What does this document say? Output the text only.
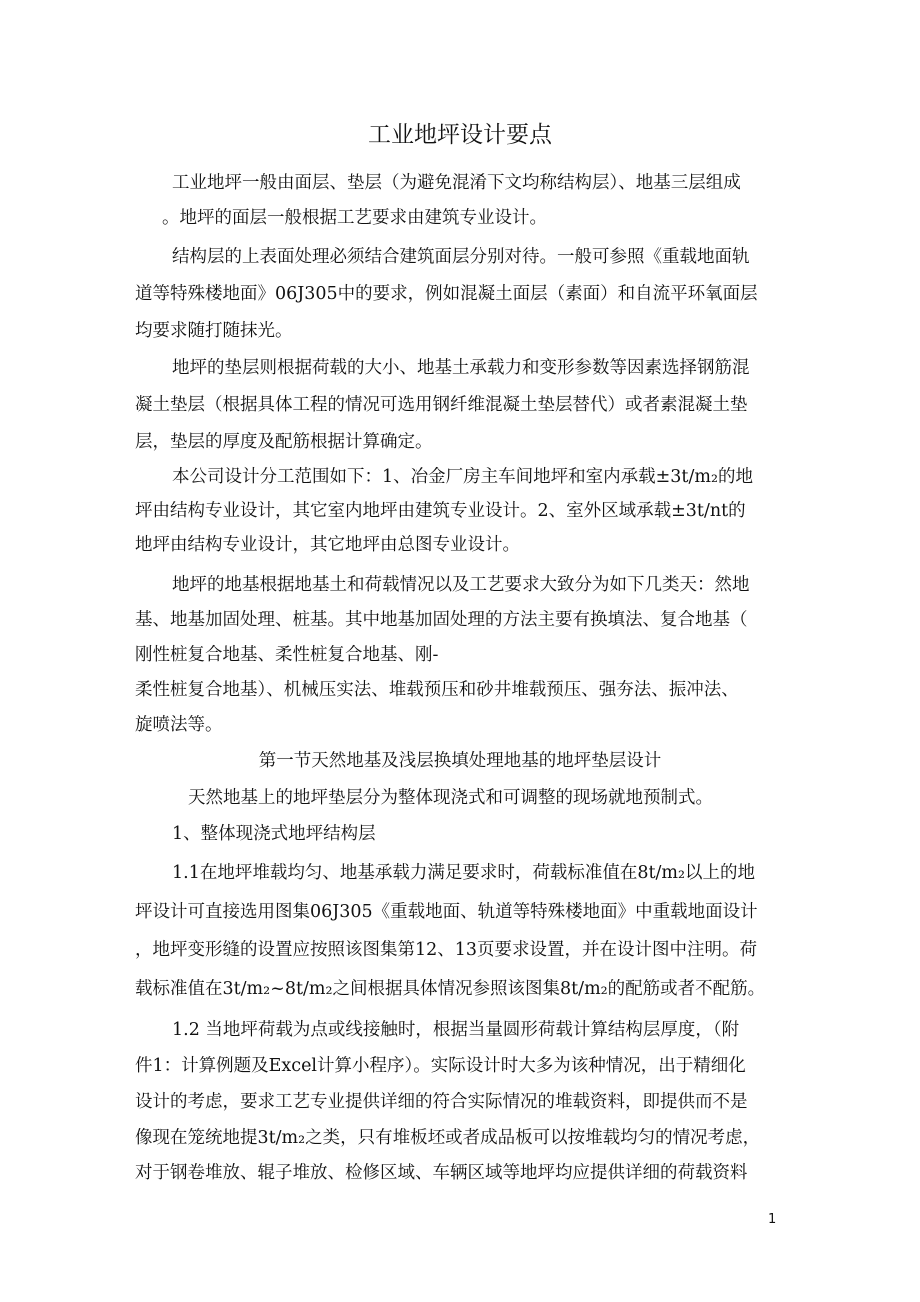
工业地坪设计要点
工业地坪一般由面层、垫层（为避免混淆下文均称结构层）、地基三层组成
。地坪的面层一般根据工艺要求由建筑专业设计。
结构层的上表面处理必须结合建筑面层分别对待。一般可参照《重载地面轨
道等特殊楼地面》06J305中的要求，例如混凝土面层（素面）和自流平环氧面层
均要求随打随抹光。
地坪的垫层则根据荷载的大小、地基土承载力和变形参数等因素选择钢筋混
凝土垫层（根据具体工程的情况可选用钢纤维混凝土垫层替代）或者素混凝土垫
层，垫层的厚度及配筋根据计算确定。
本公司设计分工范围如下：1、冶金厂房主车间地坪和室内承载±3t/m₂的地
坪由结构专业设计，其它室内地坪由建筑专业设计。2、室外区域承载±3t/nt的
地坪由结构专业设计，其它地坪由总图专业设计。
地坪的地基根据地基土和荷载情况以及工艺要求大致分为如下几类天：然地
基、地基加固处理、桩基。其中地基加固处理的方法主要有换填法、复合地基（
刚性桩复合地基、柔性桩复合地基、刚-
柔性桩复合地基）、机械压实法、堆载预压和砂井堆载预压、强夯法、振冲法、
旋喷法等。
第一节天然地基及浅层换填处理地基的地坪垫层设计
天然地基上的地坪垫层分为整体现浇式和可调整的现场就地预制式。
1、整体现浇式地坪结构层
1.1在地坪堆载均匀、地基承载力满足要求时，荷载标准值在8t/m₂以上的地
坪设计可直接选用图集06J305《重载地面、轨道等特殊楼地面》中重载地面设计
，地坪变形缝的设置应按照该图集第12、13页要求设置，并在设计图中注明。荷
载标准值在3t/m₂~8t/m₂之间根据具体情况参照该图集8t/m₂的配筋或者不配筋。
1.2 当地坪荷载为点或线接触时，根据当量圆形荷载计算结构层厚度，（附
件1：计算例题及Excel计算小程序）。实际设计时大多为该种情况，出于精细化
设计的考虑，要求工艺专业提供详细的符合实际情况的堆载资料，即提供而不是
像现在笼统地提3t/m₂之类，只有堆板坯或者成品板可以按堆载均匀的情况考虑，
对于钢卷堆放、辊子堆放、检修区域、车辆区域等地坪均应提供详细的荷载资料
1
